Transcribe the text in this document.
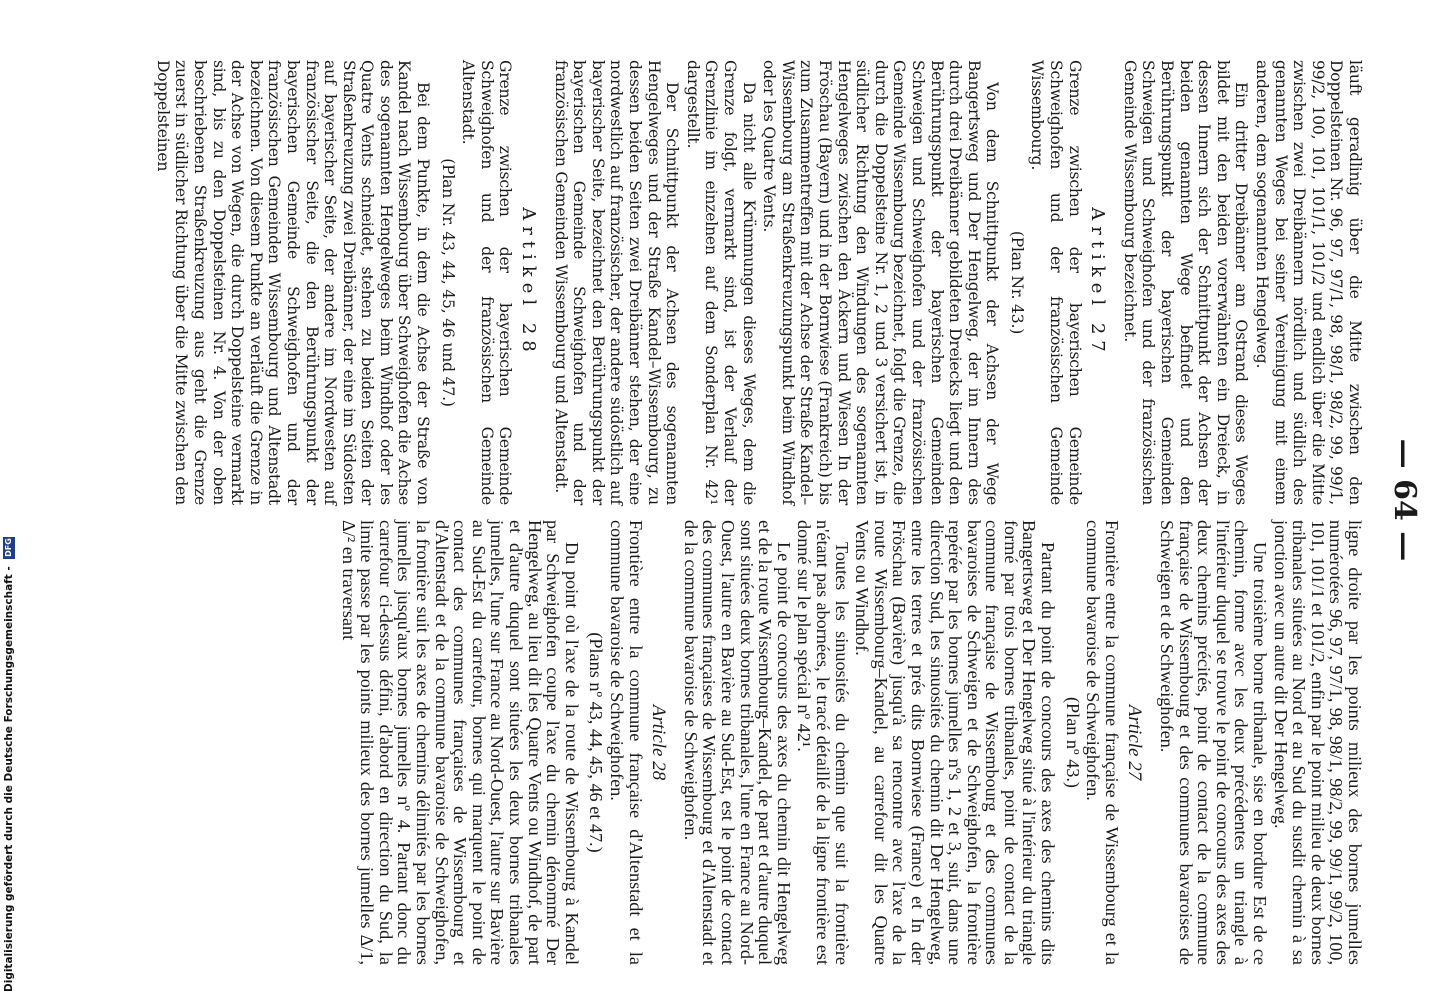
— 64 —

ligne droite par les points milieux des bornes jumelles numérotées 96, 97, 97/1, 98, 98/1, 98/2, 99, 99/1, 99/2, 100, 101, 101/1 et 101/2, enfin par le point milieu de deux bornes tribanales situées au Nord et au Sud du susdit chemin à sa jonction avec un autre dit Der Hengelweg.

Une troisième borne tribanale, sise en bordure Est de ce chemin, forme avec les deux précédentes un triangle à l'intérieur duquel se trouve le point de concours des axes des deux chemins précités, point de contact de la commune française de Wissembourg et des communes bavaroises de Schweigen et de Schweighofen.

Article 27

Frontière entre la commune française de Wissembourg et la commune bavaroise de Schweighofen.

(Plan nº 43.)

Partant du point de concours des axes des chemins dits Bangertsweg et Der Hengelweg situé à l'intérieur du triangle formé par trois bornes tribanales, point de contact de la commune française de Wissembourg et des communes bavaroises de Schweigen et de Schweighofen, la frontière repérée par les bornes jumelles nºs 1, 2 et 3, suit, dans une direction Sud, les sinuosités du chemin dit Der Hengelweg, entre les terres et prés dits Bornwiese (France) et In der Fröschau (Bavière) jusqu'à sa rencontre avec l'axe de la route Wissembourg–Kandel, au carrefour dit les Quatre Vents ou Windhof.

Toutes les sinuosités du chemin que suit la frontière n'étant pas abornées, le tracé détaillé de la ligne frontière est donné sur le plan spécial nº 42¹.

Le point de concours des axes du chemin dit Hengelweg et de la route Wissembourg–Kandel, de part et d'autre duquel sont situées deux bornes tribanales, l'une en France au Nord-Ouest, l'autre en Bavière au Sud-Est, est le point de contact des communes françaises de Wissembourg et d'Altenstadt et de la commune bavaroise de Schweighofen.

Article 28

Frontière entre la commune française d'Altenstadt et la commune bavaroise de Schweighofen.

(Plans nº 43, 44, 45, 46 et 47.)

Du point où l'axe de la route de Wissembourg à Kandel par Schweighofen coupe l'axe du chemin dénommé Der Hengelweg, au lieu dit les Quatre Vents ou Windhof, de part et d'autre duquel sont situées les deux bornes tribanales jumelles, l'une sur France au Nord-Ouest, l'autre sur Bavière au Sud-Est du carrefour, bornes qui marquent le point de contact des communes françaises de Wissembourg et d'Altenstadt et de la commune bavaroise de Schweighofen, la frontière suit les axes de chemins délimités par les bornes jumelles jusqu'aux bornes jumelles nº 4. Partant donc du carrefour ci-dessus défini, d'abord en direction du Sud, la limite passe par les points milieux des bornes jumelles Δ/1, Δ/² en traversant

läuft geradlinig über die Mitte zwischen den Doppelsteinen Nr. 96, 97, 97/1, 98, 98/1, 98/2, 99, 99/1, 99/2, 100, 101, 101/1, 101/2 und endlich über die Mitte zwischen zwei Dreibännern nördlich und südlich des genannten Weges bei seiner Vereinigung mit einem anderen, dem sogenannten Hengelweg.

Ein dritter Dreibänner am Ostrand dieses Weges bildet mit den beiden vorerwähnten ein Dreieck, in dessen Innern sich der Schnittpunkt der Achsen der beiden genannten Wege befindet und den Berührungspunkt der bayerischen Gemeinden Schweigen und Schweighofen und der französischen Gemeinde Wissembourg bezeichnet.

Artikel 27

Grenze zwischen der bayerischen Gemeinde Schweighofen und der französischen Gemeinde Wissembourg.

(Plan Nr. 43.)

Von dem Schnittpunkt der Achsen der Wege Bangertsweg und Der Hengelweg, der im Innern des durch drei Dreibänner gebildeten Dreiecks liegt und den Berührungspunkt der bayerischen Gemeinden Schweigen und Schweighofen und der französischen Gemeinde Wissembourg bezeichnet, folgt die Grenze, die durch die Doppelsteine Nr. 1, 2 und 3 versichert ist, in südlicher Richtung den Windungen des sogenannten Hengelweges zwischen den Äckern und Wiesen In der Fröschau (Bayern) und in der Bornwiese (Frankreich) bis zum Zusammentreffen mit der Achse der Straße Kandel–Wissembourg am Straßenkreuzungspunkt beim Windhof oder les Quatre Vents.

Da nicht alle Krümmungen dieses Weges, dem die Grenze folgt, vermarkt sind, ist der Verlauf der Grenzlinie im einzelnen auf dem Sonderplan Nr. 42¹ dargestellt.

Der Schnittpunkt der Achsen des sogenannten Hengelweges und der Straße Kandel–Wissembourg, zu dessen beiden Seiten zwei Dreibänner stehen, der eine nordwestlich auf französischer, der andere südöstlich auf bayerischer Seite, bezeichnet den Berührungspunkt der bayerischen Gemeinde Schweighofen und der französischen Gemeinden Wissembourg und Altenstadt.

Artikel 28

Grenze zwischen der bayerischen Gemeinde Schweighofen und der französischen Gemeinde Altenstadt.

(Plan Nr. 43, 44, 45, 46 und 47.)

Bei dem Punkte, in dem die Achse der Straße von Kandel nach Wissembourg über Schweighofen die Achse des sogenannten Hengelweges beim Windhof oder les Quatre Vents schneidet, stehen zu beiden Seiten der Straßenkreuzung zwei Dreibänner, der eine im Südosten auf bayerischer Seite, der andere im Nordwesten auf französischer Seite, die den Berührungspunkt der bayerischen Gemeinde Schweighofen und der französischen Gemeinden Wissembourg und Altenstadt bezeichnen. Von diesem Punkte an verläuft die Grenze in der Achse von Wegen, die durch Doppelsteine vermarkt sind, bis zu den Doppelsteinen Nr. 4. Von der oben beschriebenen Straßenkreuzung aus geht die Grenze zuerst in südlicher Richtung über die Mitte zwischen den Doppelsteinen

Digitalisierung gefördert durch die Deutsche Forschungsgemeinschaft - DFG
